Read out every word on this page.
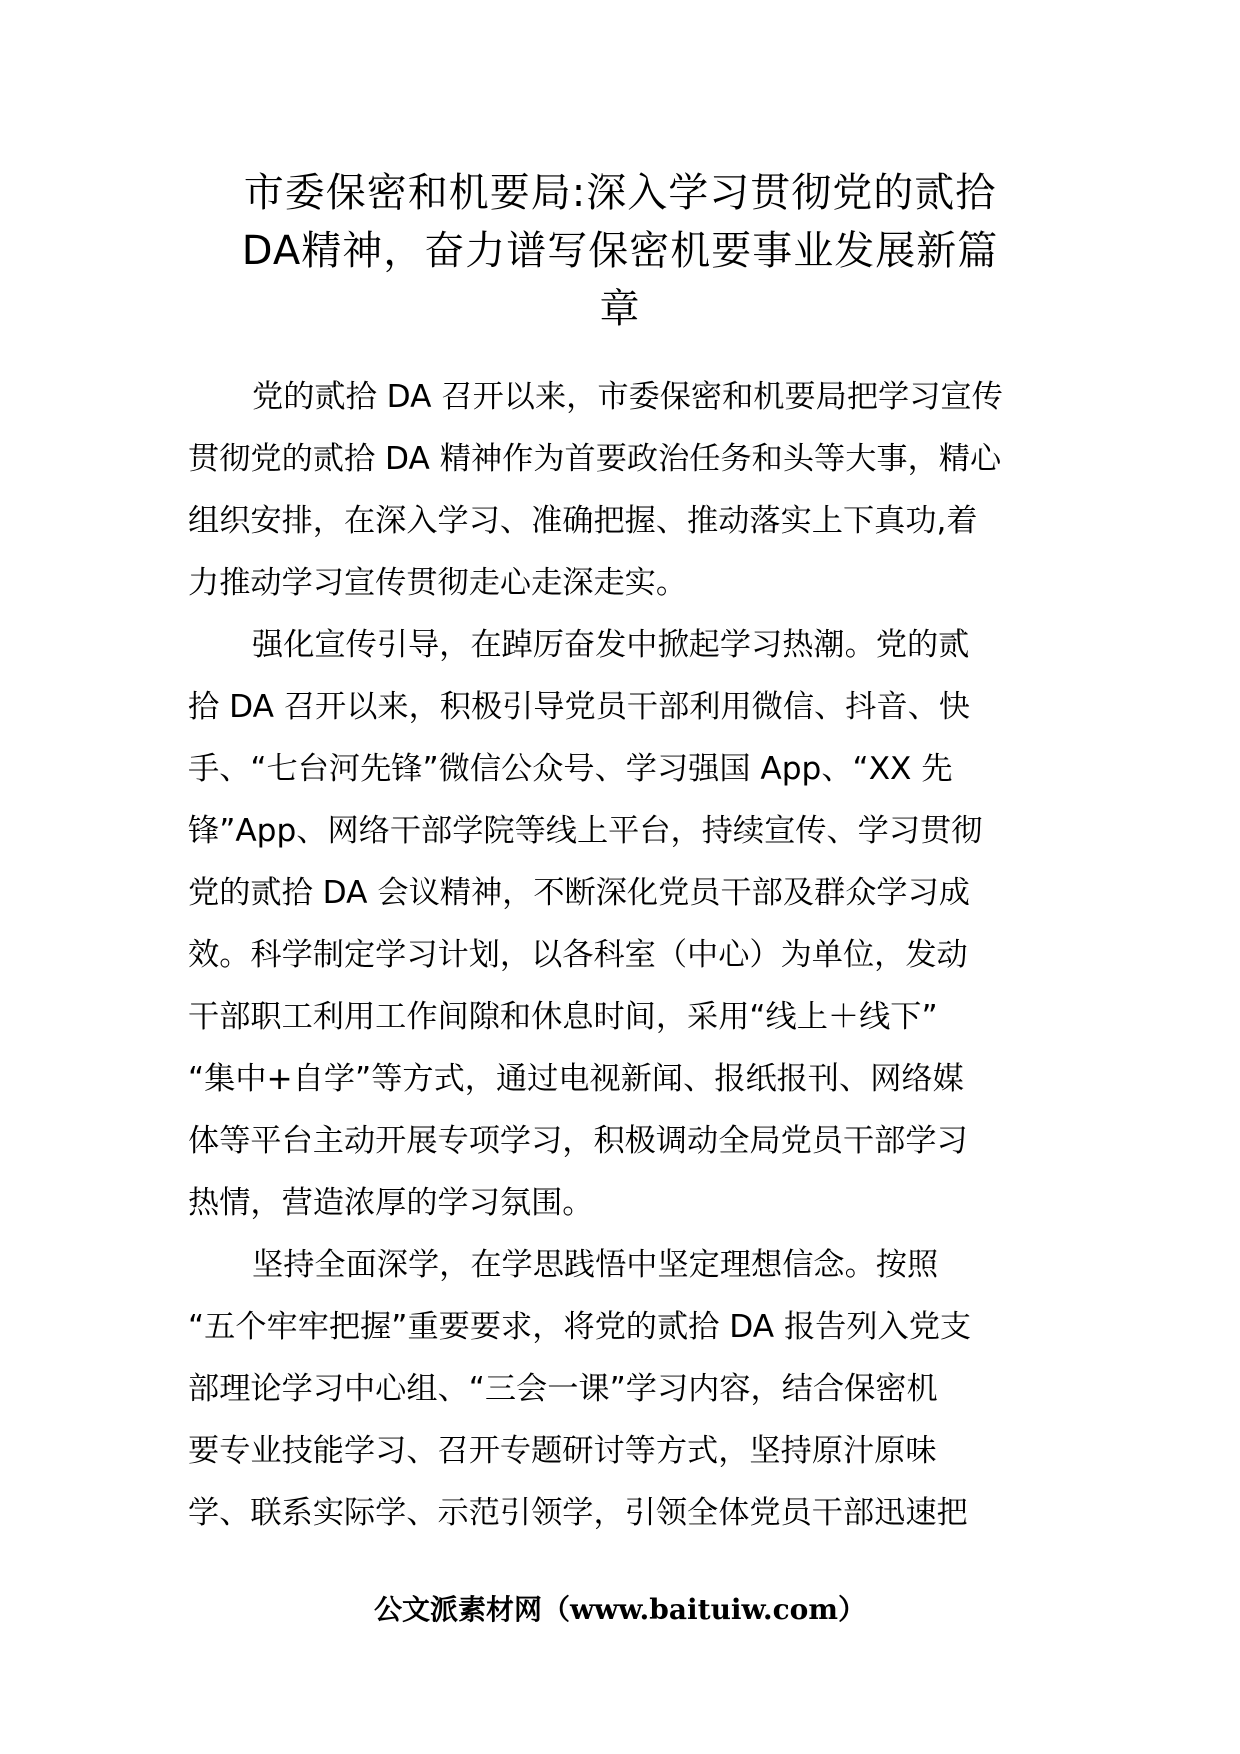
市委保密和机要局:深入学习贯彻党的贰拾
DA精神，奋力谱写保密机要事业发展新篇
章
党的贰拾 DA 召开以来，市委保密和机要局把学习宣传
贯彻党的贰拾 DA 精神作为首要政治任务和头等大事，精心
组织安排，在深入学习、准确把握、推动落实上下真功,着
力推动学习宣传贯彻走心走深走实。
强化宣传引导，在踔厉奋发中掀起学习热潮。党的贰
拾 DA 召开以来，积极引导党员干部利用微信、抖音、快
手、“七台河先锋”微信公众号、学习强国 App、“XX 先
锋”App、网络干部学院等线上平台，持续宣传、学习贯彻
党的贰拾 DA 会议精神，不断深化党员干部及群众学习成
效。科学制定学习计划，以各科室（中心）为单位，发动
干部职工利用工作间隙和休息时间，采用“线上＋线下”
“集中+自学”等方式，通过电视新闻、报纸报刊、网络媒
体等平台主动开展专项学习，积极调动全局党员干部学习
热情，营造浓厚的学习氛围。
坚持全面深学，在学思践悟中坚定理想信念。按照
“五个牢牢把握”重要要求，将党的贰拾 DA 报告列入党支
部理论学习中心组、“三会一课”学习内容，结合保密机
要专业技能学习、召开专题研讨等方式，坚持原汁原味
学、联系实际学、示范引领学，引领全体党员干部迅速把
公文派素材网（www.baituiw.com）
